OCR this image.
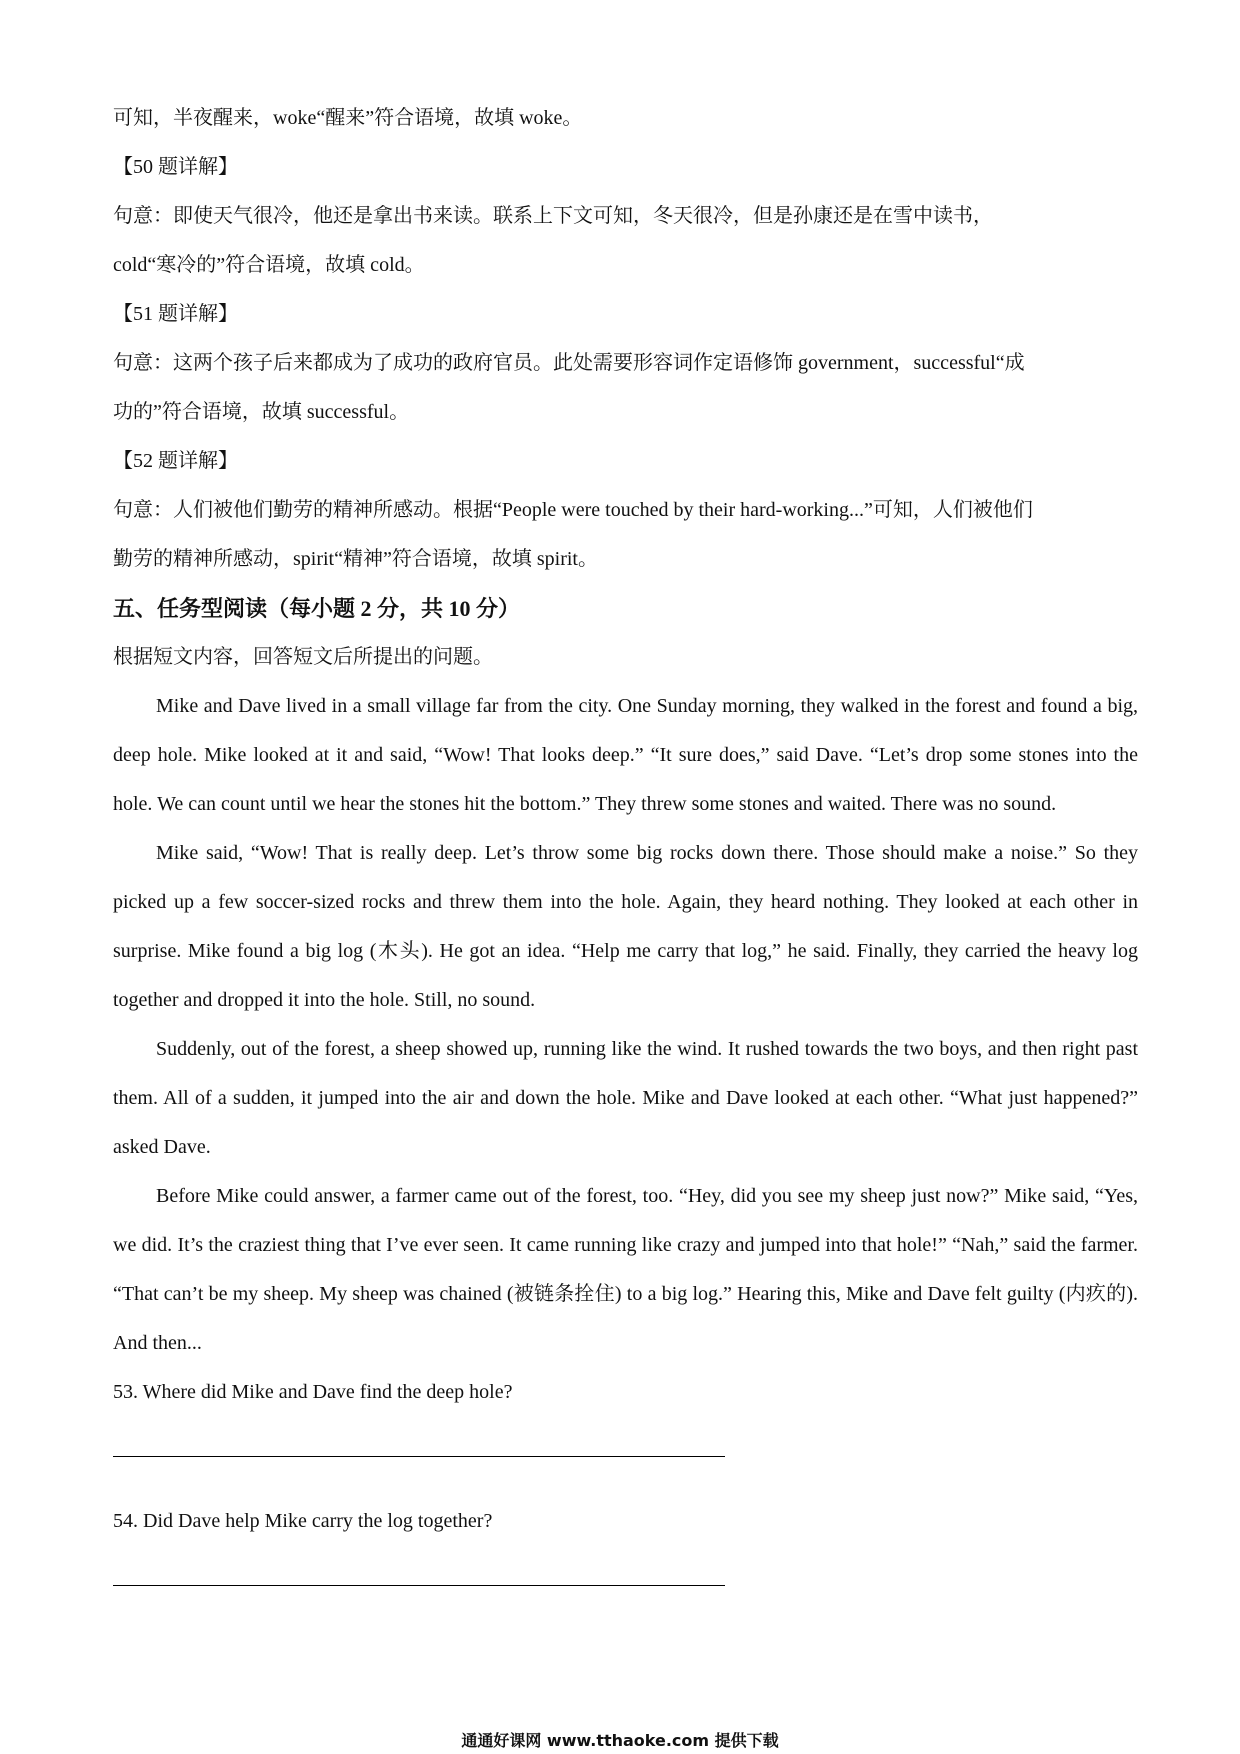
可知，半夜醒来，woke“醒来”符合语境，故填 woke。
【50 题详解】
句意：即使天气很冷，他还是拿出书来读。联系上下文可知，冬天很冷，但是孙康还是在雪中读书，
cold“寒冷的”符合语境，故填 cold。
【51 题详解】
句意：这两个孩子后来都成为了成功的政府官员。此处需要形容词作定语修饰 government，successful“成
功的”符合语境，故填 successful。
【52 题详解】
句意：人们被他们勤劳的精神所感动。根据“People were touched by their hard-working...”可知，人们被他们
勤劳的精神所感动，spirit“精神”符合语境，故填 spirit。
五、任务型阅读（每小题 2 分，共 10 分）
根据短文内容，回答短文后所提出的问题。

Mike and Dave lived in a small village far from the city. One Sunday morning, they walked in the forest and found a big, deep hole. Mike looked at it and said, “Wow! That looks deep.” “It sure does,” said Dave. “Let’s drop some stones into the hole. We can count until we hear the stones hit the bottom.” They threw some stones and waited. There was no sound.

Mike said, “Wow! That is really deep. Let’s throw some big rocks down there. Those should make a noise.” So they picked up a few soccer-sized rocks and threw them into the hole. Again, they heard nothing. They looked at each other in surprise. Mike found a big log (木头). He got an idea. “Help me carry that log,” he said. Finally, they carried the heavy log together and dropped it into the hole. Still, no sound.

Suddenly, out of the forest, a sheep showed up, running like the wind. It rushed towards the two boys, and then right past them. All of a sudden, it jumped into the air and down the hole. Mike and Dave looked at each other. “What just happened?” asked Dave.

Before Mike could answer, a farmer came out of the forest, too. “Hey, did you see my sheep just now?” Mike said, “Yes, we did. It’s the craziest thing that I’ve ever seen. It came running like crazy and jumped into that hole!” “Nah,” said the farmer. “That can’t be my sheep. My sheep was chained (被链条拴住) to a big log.” Hearing this, Mike and Dave felt guilty (内疚的). And then...

53. Where did Mike and Dave find the deep hole?
54. Did Dave help Mike carry the log together?
通通好课网 www.tthaoke.com 提供下载
